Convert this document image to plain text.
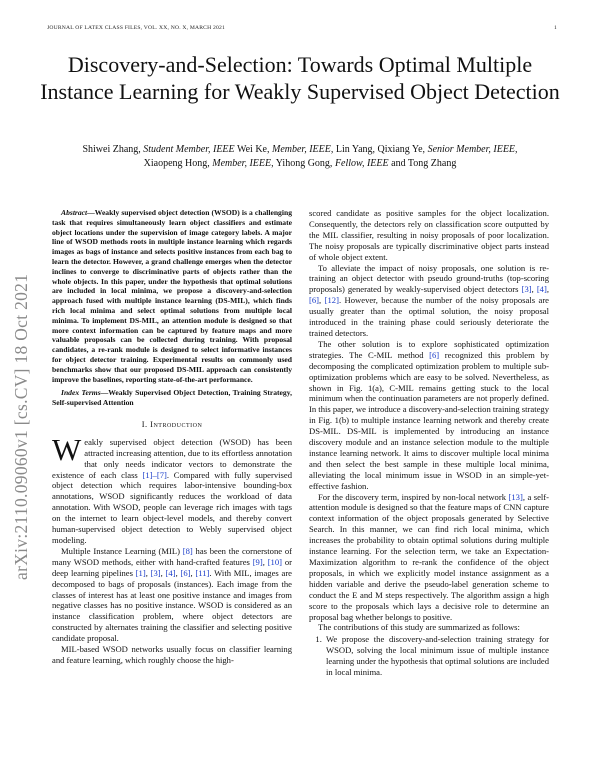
JOURNAL OF LATEX CLASS FILES, VOL. XX, NO. X, MARCH 2021	1
arXiv:2110.09060v1 [cs.CV] 18 Oct 2021
Discovery-and-Selection: Towards Optimal Multiple Instance Learning for Weakly Supervised Object Detection
Shiwei Zhang, Student Member, IEEE Wei Ke, Member, IEEE, Lin Yang, Qixiang Ye, Senior Member, IEEE,
Xiaopeng Hong, Member, IEEE, Yihong Gong, Fellow, IEEE and Tong Zhang

Abstract—Weakly supervised object detection (WSOD) is a challenging task that requires simultaneously learn object classifiers and estimate object locations under the supervision of image category labels. A major line of WSOD methods roots in multiple instance learning which regards images as bags of instance and selects positive instances from each bag to learn the detector. However, a grand challenge emerges when the detector inclines to converge to discriminative parts of objects rather than the whole objects. In this paper, under the hypothesis that optimal solutions are included in local minima, we propose a discovery-and-selection approach fused with multiple instance learning (DS-MIL), which finds rich local minima and select optimal solutions from multiple local minima. To implement DS-MIL, an attention module is designed so that more context information can be captured by feature maps and more valuable proposals can be collected during training. With proposal candidates, a re-rank module is designed to select informative instances for object detector training. Experimental results on commonly used benchmarks show that our proposed DS-MIL approach can consistently improve the baselines, reporting state-of-the-art performance.

Index Terms—Weakly Supervised Object Detection, Training Strategy, Self-supervised Attention

I. Introduction

Weakly supervised object detection (WSOD) has been attracted increasing attention, due to its effortless annotation that only needs indicator vectors to demonstrate the existence of each class [1]–[7]. Compared with fully supervised object detection which requires labor-intensive bounding-box annotations, WSOD significantly reduces the workload of data annotation. With WSOD, people can leverage rich images with tags on the internet to learn object-level models, and thereby convert human-supervised object detection to Webly supervised object modeling.

Multiple Instance Learning (MIL) [8] has been the cornerstone of many WSOD methods, either with hand-crafted features [9], [10] or deep learning pipelines [1], [3], [4], [6], [11]. With MIL, images are decomposed to bags of proposals (instances). Each image from the classes of interest has at least one positive instance and images from negative classes has no positive instance. WSOD is considered as an instance classification problem, where object detectors are constructed by alternates training the classifier and selecting positive candidate proposal.

MIL-based WSOD networks usually focus on classifier learning and feature learning, which roughly choose the high-

scored candidate as positive samples for the object localization. Consequently, the detectors rely on classification score outputted by the MIL classifier, resulting in noisy proposals of poor localization. The noisy proposals are typically discriminative object parts instead of whole object extent.

To alleviate the impact of noisy proposals, one solution is re-training an object detector with pseudo ground-truths (top-scoring proposals) generated by weakly-supervised object detectors [3], [4], [6], [12]. However, because the number of the noisy proposals are usually greater than the optimal solution, the noisy proposal introduced in the training phase could seriously deteriorate the trained detectors.

The other solution is to explore sophisticated optimization strategies. The C-MIL method [6] recognized this problem by decomposing the complicated optimization problem to multiple sub-optimization problems which are easy to be solved. Nevertheless, as shown in Fig. 1(a), C-MIL remains getting stuck to the local minimum when the continuation parameters are not properly defined. In this paper, we introduce a discovery-and-selection training strategy in Fig. 1(b) to multiple instance learning network and thereby create DS-MIL. DS-MIL is implemented by introducing an instance discovery module and an instance selection module to the multiple instance learning network. It aims to discover multiple local minima and then select the best sample in these multiple local minima, alleviating the local minimum issue in WSOD in an simple-yet-effective fashion.

For the discovery term, inspired by non-local network [13], a self-attention module is designed so that the feature maps of CNN capture context information of the object proposals generated by Selective Search. In this manner, we can find rich local minima, which increases the probability to obtain optimal solutions during multiple instance learning. For the selection term, we take an Expectation-Maximization algorithm to re-rank the confidence of the object proposals, in which we explicitly model instance assignment as a hidden variable and derive the pseudo-label generation scheme to conduct the E and M steps respectively. The algorithm assign a high score to the proposals which lays a decisive role to determine an proposal bag whether belongs to positive.

The contributions of this study are summarized as follows:

1. We propose the discovery-and-selection training strategy for WSOD, solving the local minimum issue of multiple instance learning under the hypothesis that optimal solutions are included in local minima.
